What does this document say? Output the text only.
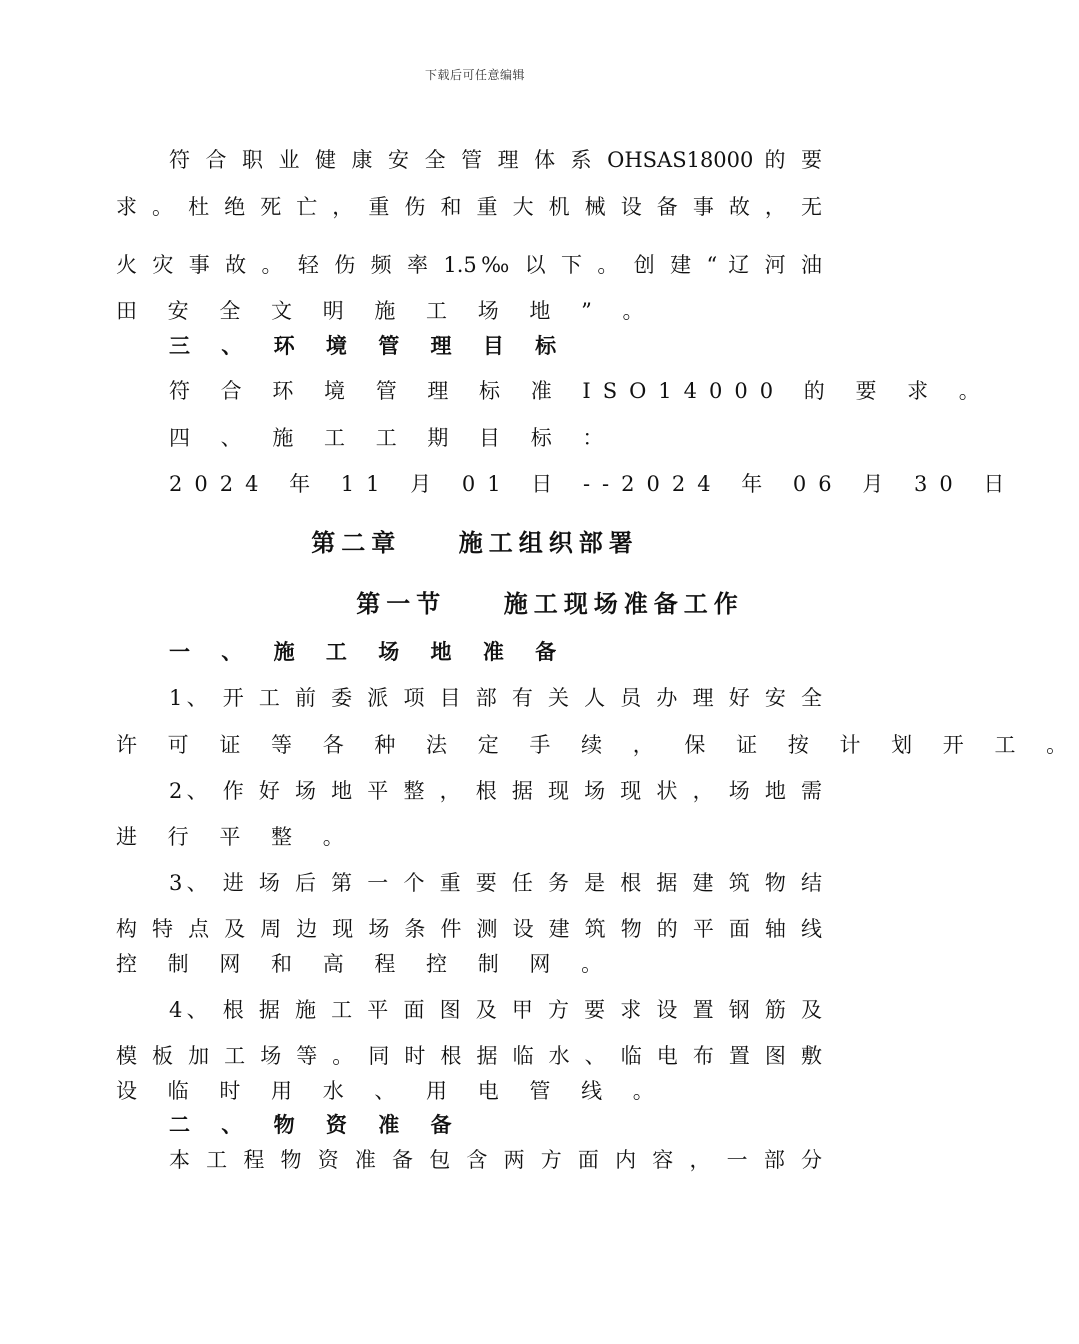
下载后可任意编辑
符 合 职 业 健 康 安 全 管 理 体 系 OHSAS18000 的 要
求 。 杜 绝 死 亡 ， 重 伤 和 重 大 机 械 设 备 事 故 ， 无
火 灾 事 故 。 轻 伤 频 率 1.5‰ 以 下 。 创 建 “ 辽 河 油
田 安 全 文 明 施 工 场 地 ” 。
三 、 环 境 管 理 目 标
符 合 环 境 管 理 标 准 ISO14000 的 要 求 。
四 、 施 工 工 期 目 标 ：
2024 年 11 月 01 日 --2024 年 06 月 30 日
第二章    施工组织部署
第一节    施工现场准备工作
一 、 施 工 场 地 准 备
1、 开 工 前 委 派 项 目 部 有 关 人 员 办 理 好 安 全
许 可 证 等 各 种 法 定 手 续 ， 保 证 按 计 划 开 工 。
2、 作 好 场 地 平 整 ， 根 据 现 场 现 状 ， 场 地 需
进 行 平 整 。
3、 进 场 后 第 一 个 重 要 任 务 是 根 据 建 筑 物 结
构 特 点 及 周 边 现 场 条 件 测 设 建 筑 物 的 平 面 轴 线
控 制 网 和 高 程 控 制 网 。
4、 根 据 施 工 平 面 图 及 甲 方 要 求 设 置 钢 筋 及
模 板 加 工 场 等 。 同 时 根 据 临 水 、 临 电 布 置 图 敷
设 临 时 用 水 、 用 电 管 线 。
二 、 物 资 准 备
本 工 程 物 资 准 备 包 含 两 方 面 内 容 ， 一 部 分
